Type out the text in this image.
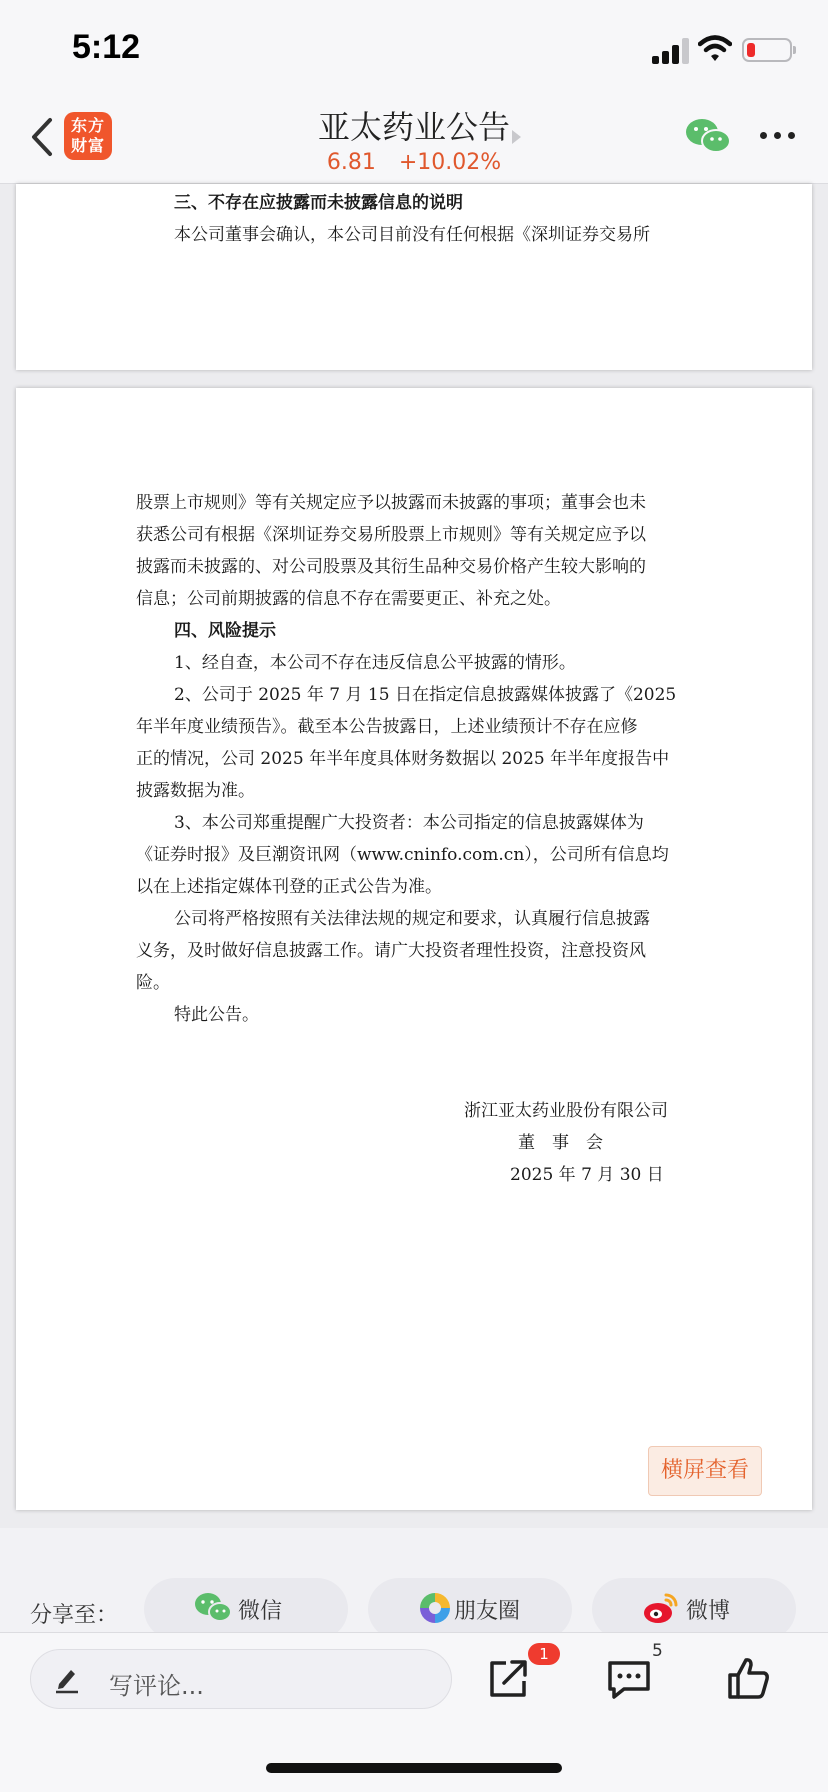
5:12
东方
财富	亚太药业公告
6.81 +10.02%
三、不存在应披露而未披露信息的说明
本公司董事会确认，本公司目前没有任何根据《深圳证券交易所
股票上市规则》等有关规定应予以披露而未披露的事项；董事会也未
获悉公司有根据《深圳证券交易所股票上市规则》等有关规定应予以
披露而未披露的、对公司股票及其衍生品种交易价格产生较大影响的
信息；公司前期披露的信息不存在需要更正、补充之处。
四、风险提示
1、经自查，本公司不存在违反信息公平披露的情形。
2、公司于 2025 年 7 月 15 日在指定信息披露媒体披露了《2025
年半年度业绩预告》。截至本公告披露日，上述业绩预计不存在应修
正的情况，公司 2025 年半年度具体财务数据以 2025 年半年度报告中
披露数据为准。
3、本公司郑重提醒广大投资者：本公司指定的信息披露媒体为
《证券时报》及巨潮资讯网（www.cninfo.com.cn），公司所有信息均
以在上述指定媒体刊登的正式公告为准。
公司将严格按照有关法律法规的规定和要求，认真履行信息披露
义务，及时做好信息披露工作。请广大投资者理性投资，注意投资风
险。
特此公告。
浙江亚太药业股份有限公司
董　事　会
2025 年 7 月 30 日
横屏查看
分享至：	微信	朋友圈	微博
写评论...
1	5
